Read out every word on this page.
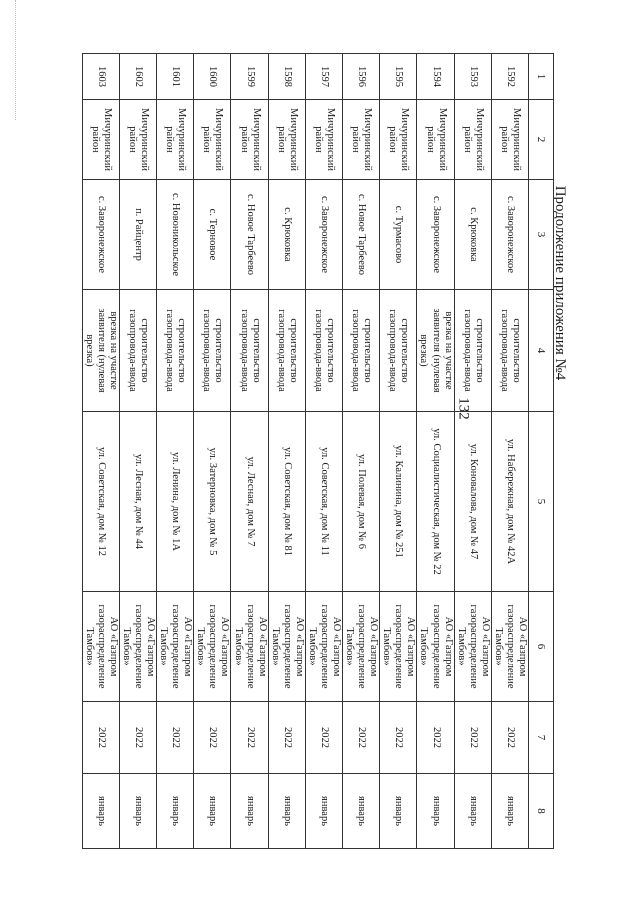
132
Продолжение приложения №4
1	2	3	4	5	6	7	8
1592	Мичуринский район	с. Заворонежское	строительство газопровода-ввода	ул. Набережная, дом № 42А	АО «Газпром газораспределение Тамбов»	2022	январь
1593	Мичуринский район	с. Крюковка	строительство газопровода-ввода	ул. Коновалова, дом № 47	АО «Газпром газораспределение Тамбов»	2022	январь
1594	Мичуринский район	с. Заворонежское	врезка на участке заявителя (нулевая врезка)	ул. Социалистическая, дом № 22	АО «Газпром газораспределение Тамбов»	2022	январь
1595	Мичуринский район	с. Турмасово	строительство газопровода-ввода	ул. Калинина, дом № 251	АО «Газпром газораспределение Тамбов»	2022	январь
1596	Мичуринский район	с. Новое Тарбеево	строительство газопровода-ввода	ул. Полевая, дом № 6	АО «Газпром газораспределение Тамбов»	2022	январь
1597	Мичуринский район	с. Заворонежское	строительство газопровода-ввода	ул. Советская, дом № 11	АО «Газпром газораспределение Тамбов»	2022	январь
1598	Мичуринский район	с. Крюковка	строительство газопровода-ввода	ул. Советская, дом № 81	АО «Газпром газораспределение Тамбов»	2022	январь
1599	Мичуринский район	с. Новое Тарбеево	строительство газопровода-ввода	ул. Лесная, дом № 7	АО «Газпром газораспределение Тамбов»	2022	январь
1600	Мичуринский район	с. Терновое	строительство газопровода-ввода	ул. Затерновка, дом № 5	АО «Газпром газораспределение Тамбов»	2022	январь
1601	Мичуринский район	с. Новоникольское	строительство газопровода-ввода	ул. Ленина, дом № 1А	АО «Газпром газораспределение Тамбов»	2022	январь
1602	Мичуринский район	п. Райцентр	строительство газопровода-ввода	ул. Лесная, дом № 44	АО «Газпром газораспределение Тамбов»	2022	январь
1603	Мичуринский район	с. Заворонежское	врезка на участке заявителя (нулевая врезка)	ул. Советская, дом № 12	АО «Газпром газораспределение Тамбов»	2022	январь
